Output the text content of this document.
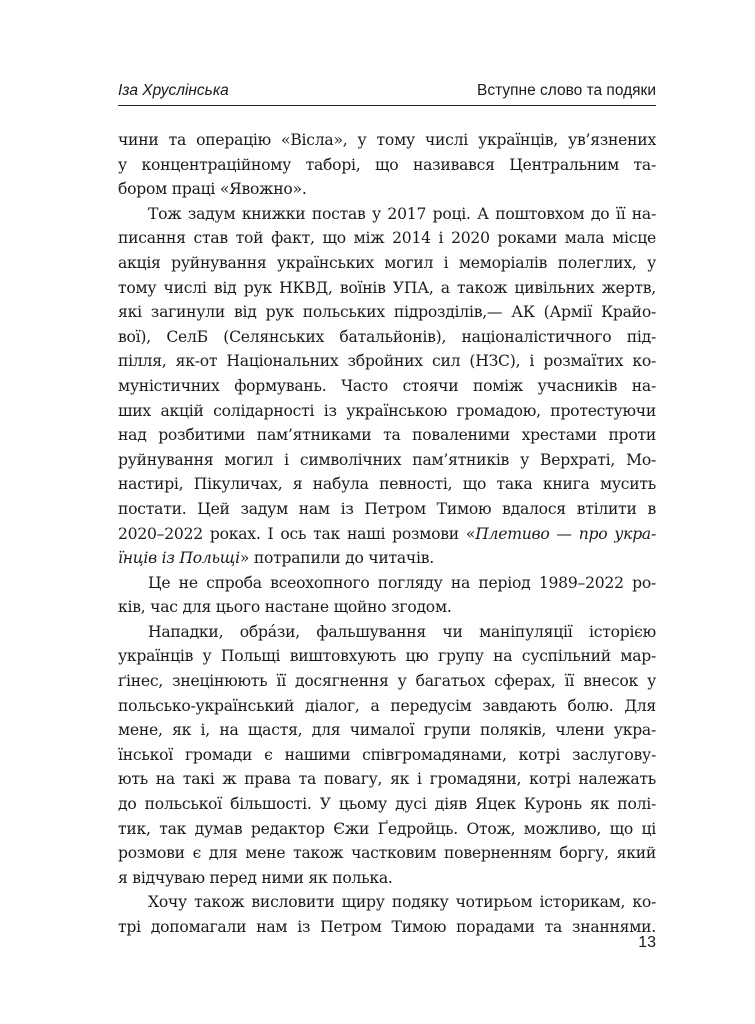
Іза Хруслінська	Вступне слово та подяки
чини та операцію «Вісла», у тому числі українців, ув’язнених
у концентраційному таборі, що називався Центральним та-
бором праці «Явожно».
Тож задум книжки постав у 2017 році. А поштовхом до її на-
писання став той факт, що між 2014 і 2020 роками мала місце
акція руйнування українських могил і меморіалів полеглих, у
тому числі від рук НКВД, воїнів УПА, а також цивільних жертв,
які загинули від рук польських підрозділів,— АК (Армії Крайо-
вої), СелБ (Селянських батальйонів), націоналістичного під-
пілля, як-от Національних збройних сил (НЗС), і розмаїтих ко-
муністичних формувань. Часто стоячи поміж учасників на-
ших акцій солідарності із українською громадою, протестуючи
над розбитими пам’ятниками та поваленими хрестами проти
руйнування могил і символічних пам’ятників у Верхраті, Мо-
настирі, Пікуличах, я набула певності, що така книга мусить
постати. Цей задум нам із Петром Тимою вдалося втілити в
2020–2022 роках. І ось так наші розмови «Плетиво — про укра-
їнців із Польщі» потрапили до читачів.
Це не спроба всеохопного погляду на період 1989–2022 ро-
ків, час для цього настане щойно згодом.
Нападки, обрáзи, фальшування чи маніпуляції історією
українців у Польщі виштовхують цю групу на суспільний мар-
ґінес, знецінюють її досягнення у багатьох сферах, її внесок у
польсько-український діалог, а передусім завдають болю. Для
мене, як і, на щастя, для чималої групи поляків, члени укра-
їнської громади є нашими співгромадянами, котрі заслугову-
ють на такі ж права та повагу, як і громадяни, котрі належать
до польської більшості. У цьому дусі діяв Яцек Куронь як полі-
тик, так думав редактор Єжи Ґедройць. Отож, можливо, що ці
розмови є для мене також частковим поверненням боргу, який
я відчуваю перед ними як полька.
Хочу також висловити щиру подяку чотирьом історикам, ко-
трі допомагали нам із Петром Тимою порадами та знаннями.
13
